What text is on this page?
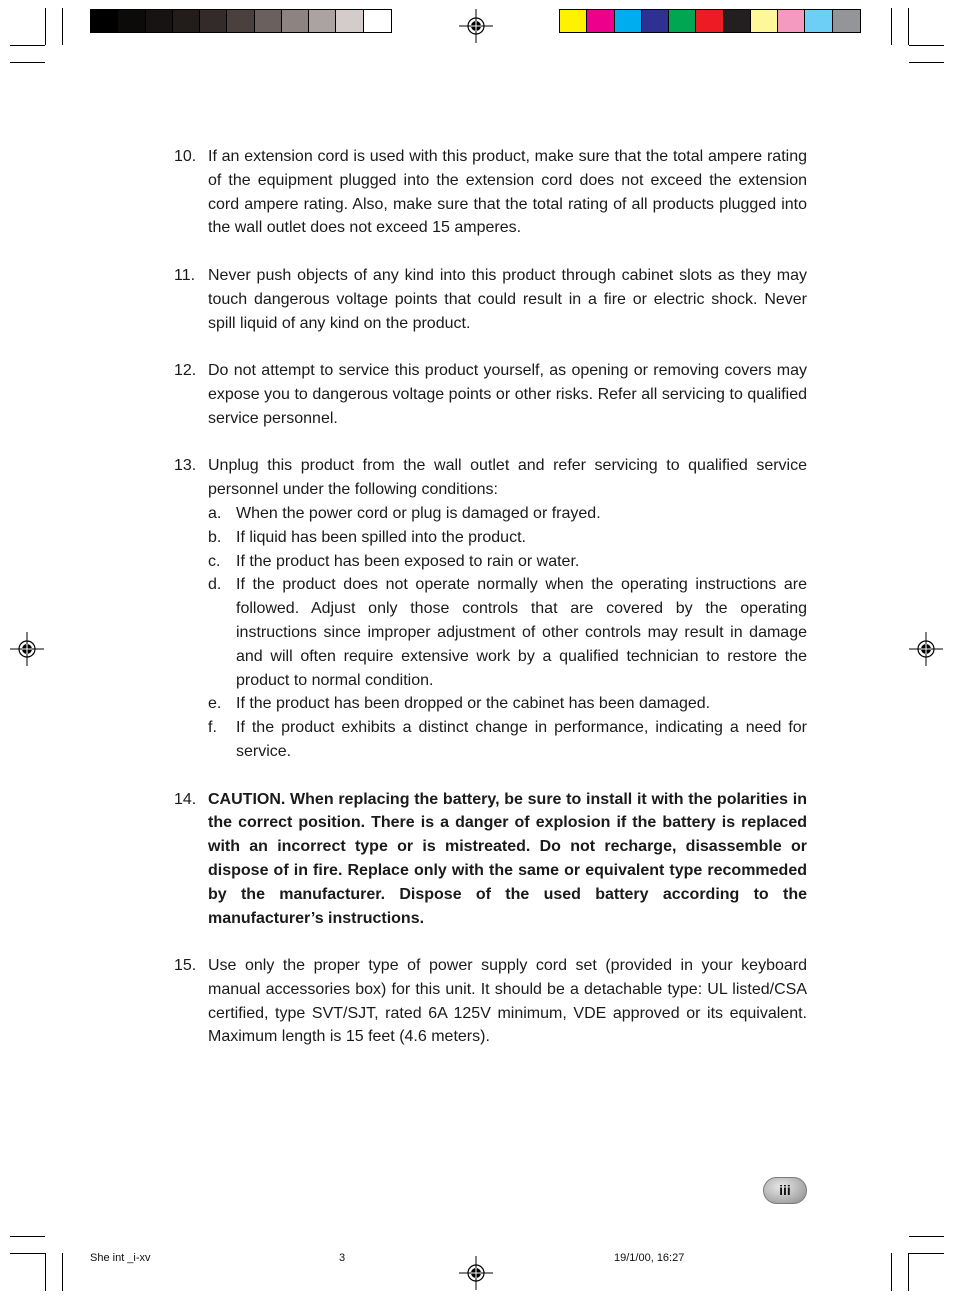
10. If an extension cord is used with this product, make sure that the total ampere rating of the equipment plugged into the extension cord does not exceed the extension cord ampere rating. Also, make sure that the total rating of all products plugged into the wall outlet does not exceed 15 amperes.
11. Never push objects of any kind into this product through cabinet slots as they may touch dangerous voltage points that could result in a fire or electric shock. Never spill liquid of any kind on the product.
12. Do not attempt to service this product yourself, as opening or removing covers may expose you to dangerous voltage points or other risks. Refer all servicing to qualified service personnel.
13. Unplug this product from the wall outlet and refer servicing to qualified service personnel under the following conditions:
a. When the power cord or plug is damaged or frayed.
b. If liquid has been spilled into the product.
c. If the product has been exposed to rain or water.
d. If the product does not operate normally when the operating instructions are followed. Adjust only those controls that are covered by the operating instructions since improper adjustment of other controls may result in damage and will often require extensive work by a qualified technician to restore the product to normal condition.
e. If the product has been dropped or the cabinet has been damaged.
f. If the product exhibits a distinct change in performance, indicating a need for service.
14. CAUTION. When replacing the battery, be sure to install it with the polarities in the correct position. There is a danger of explosion if the battery is replaced with an incorrect type or is mistreated. Do not recharge, disassemble or dispose of in fire. Replace only with the same or equivalent type recommeded by the manufacturer. Dispose of the used battery according to the manufacturer’s instructions.
15. Use only the proper type of power supply cord set (provided in your keyboard manual accessories box) for this unit. It should be a detachable type: UL listed/CSA certified, type SVT/SJT, rated 6A 125V minimum, VDE approved or its equivalent. Maximum length is 15 feet (4.6 meters).
iii
She int _i-xv	3	19/1/00, 16:27
